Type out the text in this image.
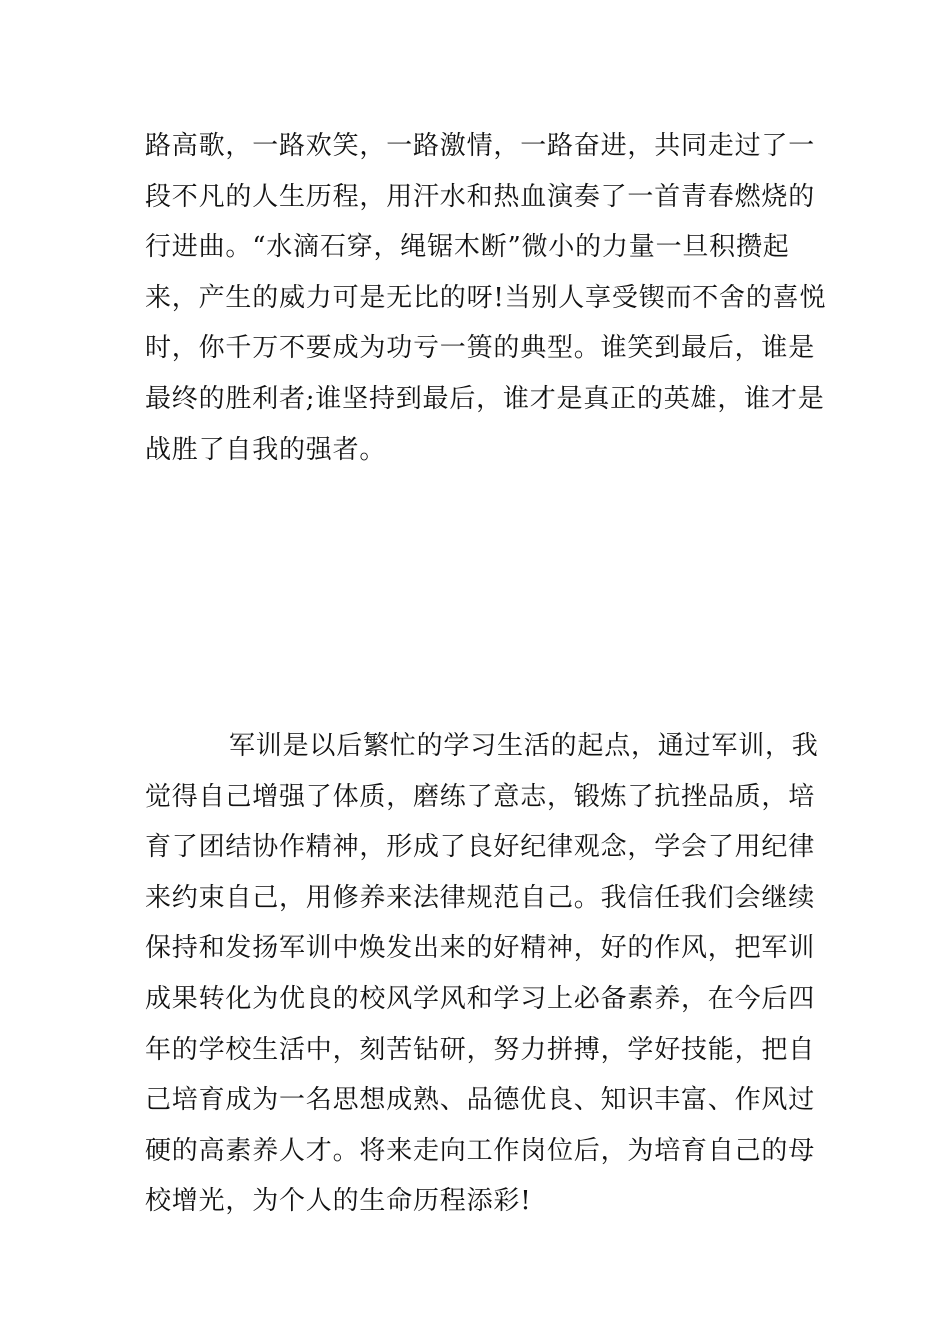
路高歌，一路欢笑，一路激情，一路奋进，共同走过了一
段不凡的人生历程，用汗水和热血演奏了一首青春燃烧的
行进曲。“水滴石穿，绳锯木断”微小的力量一旦积攒起
来，产生的威力可是无比的呀!当别人享受锲而不舍的喜悦
时，你千万不要成为功亏一篑的典型。谁笑到最后，谁是
最终的胜利者;谁坚持到最后，谁才是真正的英雄，谁才是
战胜了自我的强者。

军训是以后繁忙的学习生活的起点，通过军训，我
觉得自己增强了体质，磨练了意志，锻炼了抗挫品质，培
育了团结协作精神，形成了良好纪律观念，学会了用纪律
来约束自己，用修养来法律规范自己。我信任我们会继续
保持和发扬军训中焕发出来的好精神，好的作风，把军训
成果转化为优良的校风学风和学习上必备素养，在今后四
年的学校生活中，刻苦钻研，努力拼搏，学好技能，把自
己培育成为一名思想成熟、品德优良、知识丰富、作风过
硬的高素养人才。将来走向工作岗位后，为培育自己的母
校增光，为个人的生命历程添彩!
